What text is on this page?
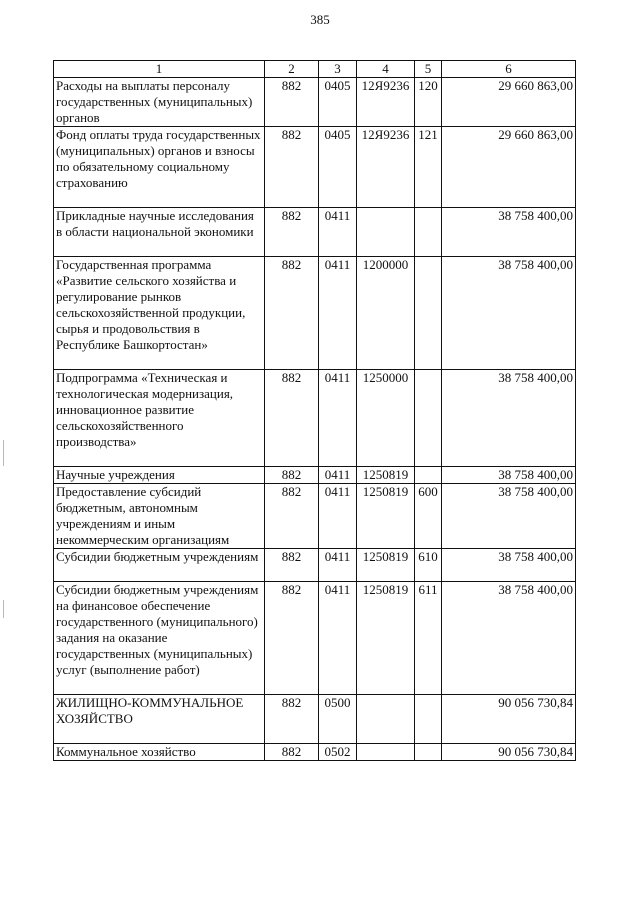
385
1	2	3	4	5	6
Расходы на выплаты персоналу государственных (муниципальных) органов	882	0405	12Я9236	120	29 660 863,00
Фонд оплаты труда государственных (муниципальных) органов и взносы по обязательному социальному страхованию	882	0405	12Я9236	121	29 660 863,00
Прикладные научные исследования в области национальной экономики	882	0411			38 758 400,00
Государственная программа «Развитие сельского хозяйства и регулирование рынков сельскохозяйственной продукции, сырья и продовольствия в Республике Башкортостан»	882	0411	1200000		38 758 400,00
Подпрограмма «Техническая и технологическая модернизация, инновационное развитие сельскохозяйственного производства»	882	0411	1250000		38 758 400,00
Научные учреждения	882	0411	1250819		38 758 400,00
Предоставление субсидий бюджетным, автономным учреждениям и иным некоммерческим организациям	882	0411	1250819	600	38 758 400,00
Субсидии бюджетным учреждениям	882	0411	1250819	610	38 758 400,00
Субсидии бюджетным учреждениям на финансовое обеспечение государственного (муниципального) задания на оказание государственных (муниципальных) услуг (выполнение работ)	882	0411	1250819	611	38 758 400,00
ЖИЛИЩНО-КОММУНАЛЬНОЕ ХОЗЯЙСТВО	882	0500			90 056 730,84
Коммунальное хозяйство	882	0502			90 056 730,84
